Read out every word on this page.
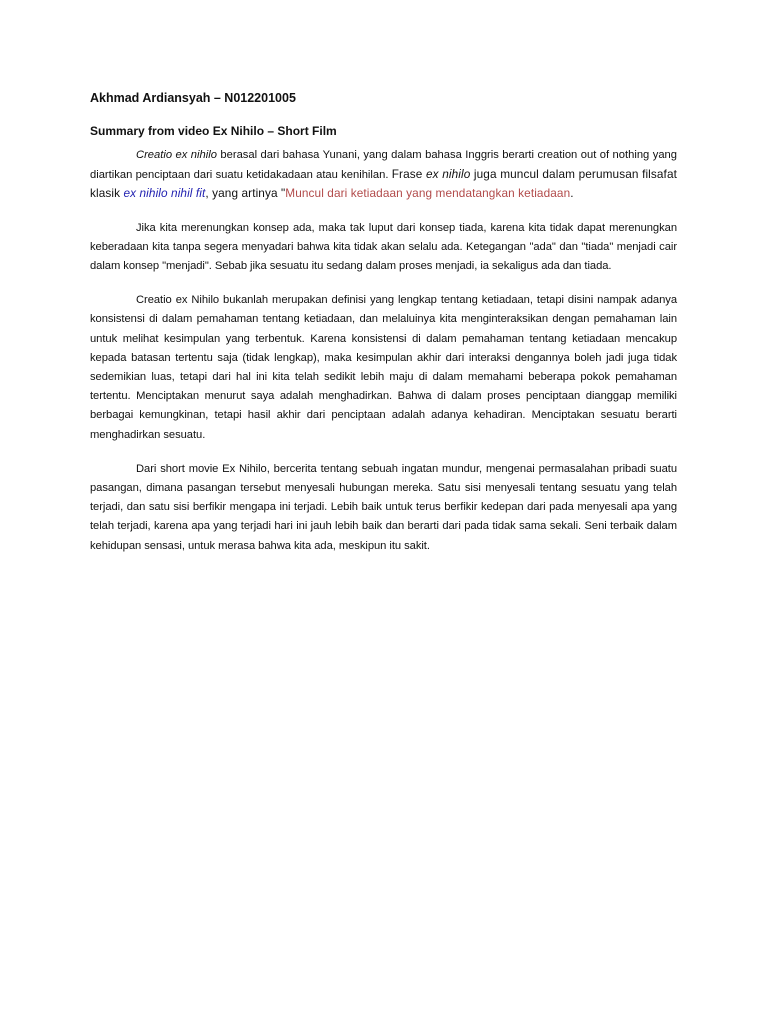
Akhmad Ardiansyah – N012201005
Summary from video Ex Nihilo – Short Film

Creatio ex nihilo berasal dari bahasa Yunani, yang dalam bahasa Inggris berarti creation out of nothing yang diartikan penciptaan dari suatu ketidakadaan atau kenihilan. Frase ex nihilo juga muncul dalam perumusan filsafat klasik ex nihilo nihil fit, yang artinya "Muncul dari ketiadaan yang mendatangkan ketiadaan.

Jika kita merenungkan konsep ada, maka tak luput dari konsep tiada, karena kita tidak dapat merenungkan keberadaan kita tanpa segera menyadari bahwa kita tidak akan selalu ada. Ketegangan "ada" dan "tiada" menjadi cair dalam konsep "menjadi". Sebab jika sesuatu itu sedang dalam proses menjadi, ia sekaligus ada dan tiada.

Creatio ex Nihilo bukanlah merupakan definisi yang lengkap tentang ketiadaan, tetapi disini nampak adanya konsistensi di dalam pemahaman tentang ketiadaan, dan melaluinya kita menginteraksikan dengan pemahaman lain untuk melihat kesimpulan yang terbentuk. Karena konsistensi di dalam pemahaman tentang ketiadaan mencakup kepada batasan tertentu saja (tidak lengkap), maka kesimpulan akhir dari interaksi dengannya boleh jadi juga tidak sedemikian luas, tetapi dari hal ini kita telah sedikit lebih maju di dalam memahami beberapa pokok pemahaman tertentu. Menciptakan menurut saya adalah menghadirkan. Bahwa di dalam proses penciptaan dianggap memiliki berbagai kemungkinan, tetapi hasil akhir dari penciptaan adalah adanya kehadiran. Menciptakan sesuatu berarti menghadirkan sesuatu.

Dari short movie Ex Nihilo, bercerita tentang sebuah ingatan mundur, mengenai permasalahan pribadi suatu pasangan, dimana pasangan tersebut menyesali hubungan mereka. Satu sisi menyesali tentang sesuatu yang telah terjadi, dan satu sisi berfikir mengapa ini terjadi. Lebih baik untuk terus berfikir kedepan dari pada menyesali apa yang telah terjadi, karena apa yang terjadi hari ini jauh lebih baik dan berarti dari pada tidak sama sekali. Seni terbaik dalam kehidupan sensasi, untuk merasa bahwa kita ada, meskipun itu sakit.
